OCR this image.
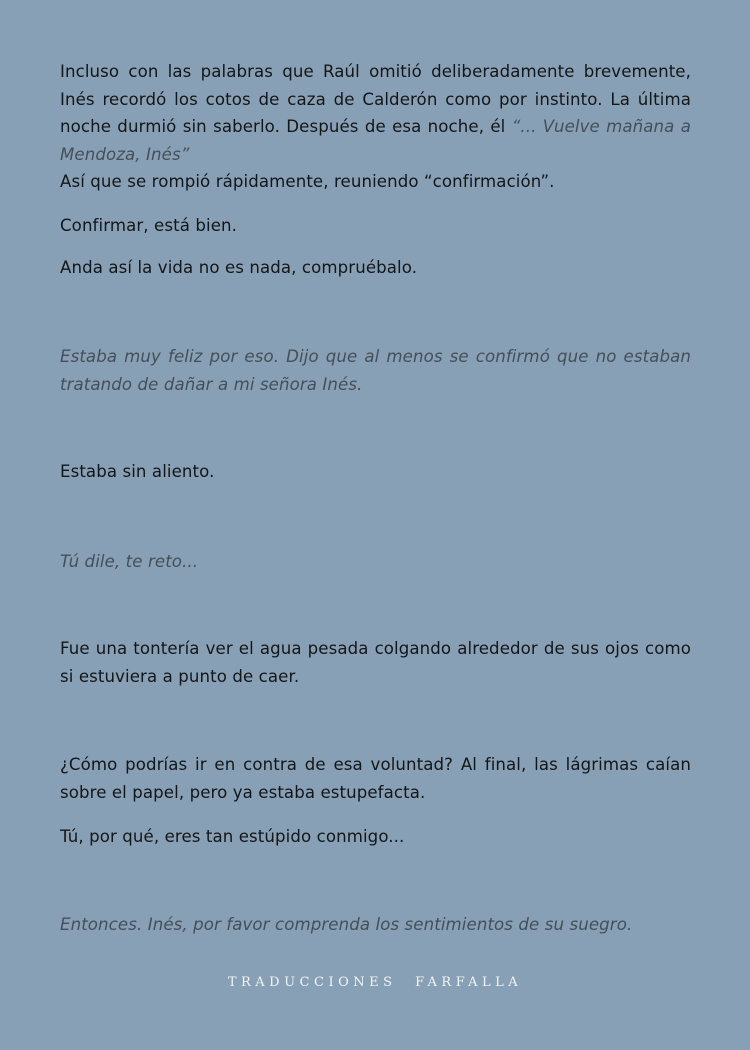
Incluso con las palabras que Raúl omitió deliberadamente brevemente, Inés recordó los cotos de caza de Calderón como por instinto. La última noche durmió sin saberlo. Después de esa noche, él “... Vuelve mañana a Mendoza, Inés”
Así que se rompió rápidamente, reuniendo “confirmación”.

Confirmar, está bien.

Anda así la vida no es nada, compruébalo.

Estaba muy feliz por eso. Dijo que al menos se confirmó que no estaban tratando de dañar a mi señora Inés.

Estaba sin aliento.

Tú dile, te reto...

Fue una tontería ver el agua pesada colgando alrededor de sus ojos como si estuviera a punto de caer.

¿Cómo podrías ir en contra de esa voluntad? Al final, las lágrimas caían sobre el papel, pero ya estaba estupefacta.

Tú, por qué, eres tan estúpido conmigo...

Entonces. Inés, por favor comprenda los sentimientos de su suegro.

TRADUCCIONES FARFALLA
